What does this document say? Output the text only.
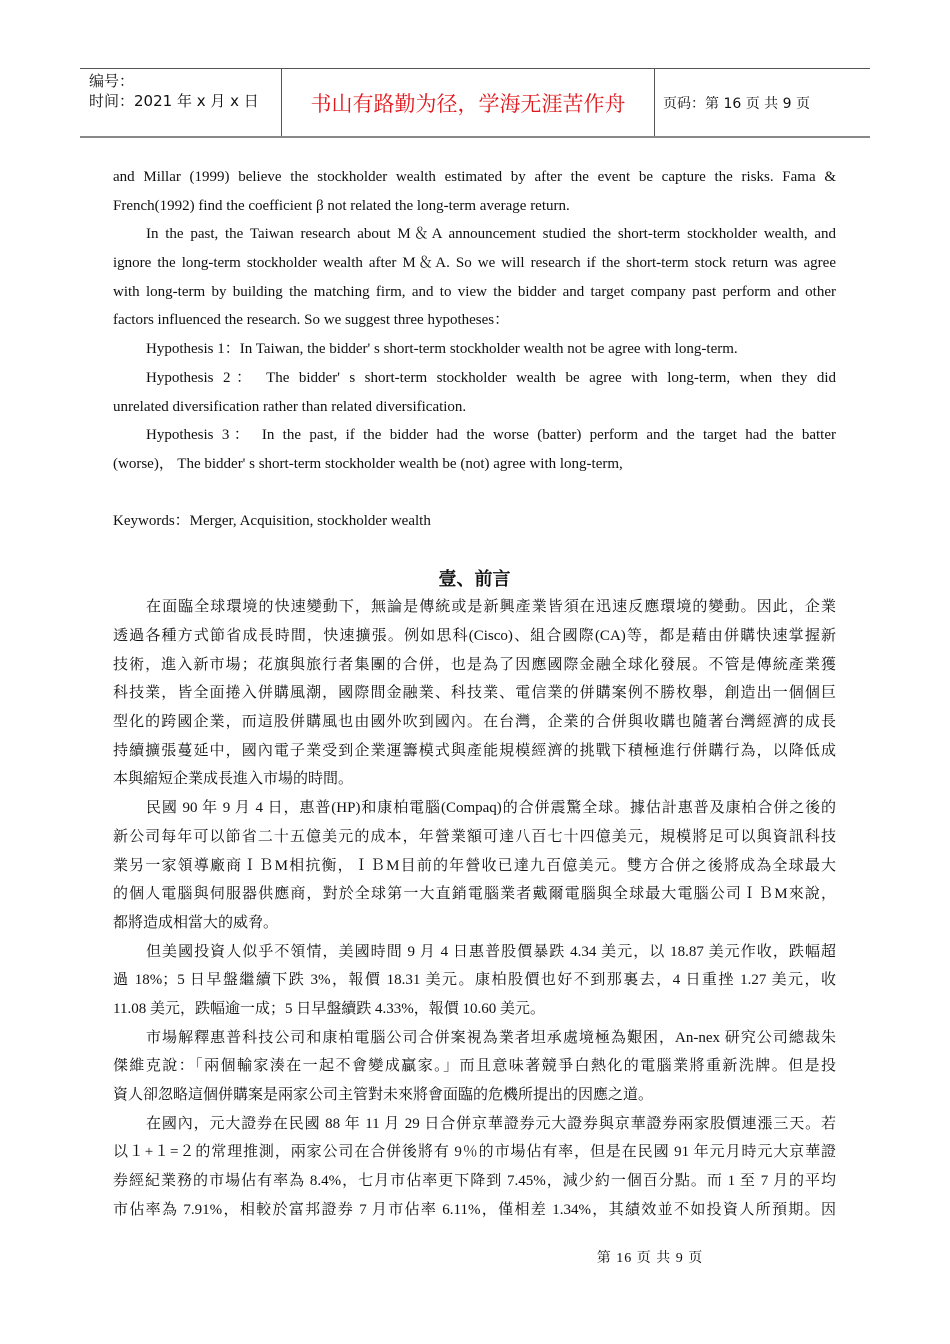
编号：
时间：2021 年 x 月 x 日	书山有路勤为径，学海无涯苦作舟	页码：第 16 页 共 9 页
and Millar (1999) believe the stockholder wealth estimated by after the event be capture the risks. Fama &
French(1992) find the coefficient β not related the long-term average return.
In the past, the Taiwan research about M＆A announcement studied the short-term stockholder wealth, and
ignore the long-term stockholder wealth after M＆A. So we will research if the short-term stock return was agree
with long-term by building the matching firm, and to view the bidder and target company past perform and other
factors influenced the research. So we suggest three hypotheses：
Hypothesis 1：In Taiwan, the bidder' s short-term stockholder wealth not be agree with long-term.
Hypothesis 2： The bidder' s short-term stockholder wealth be agree with long-term, when they did
unrelated diversification rather than related diversification.
Hypothesis 3： In the past, if the bidder had the worse (batter) perform and the target had the batter
(worse)， The bidder' s short-term stockholder wealth be (not) agree with long-term,

Keywords：Merger, Acquisition, stockholder wealth

壹、前言
在面臨全球環境的快速變動下，無論是傳統或是新興產業皆須在迅速反應環境的變動。因此，企業
透過各種方式節省成長時間，快速擴張。例如思科(Cisco)、組合國際(CA)等，都是藉由併購快速掌握新
技術，進入新市場；花旗與旅行者集團的合併，也是為了因應國際金融全球化發展。不管是傳統產業獲
科技業，皆全面捲入併購風潮，國際間金融業、科技業、電信業的併購案例不勝枚舉，創造出一個個巨
型化的跨國企業，而這股併購風也由國外吹到國內。在台灣，企業的合併與收購也隨著台灣經濟的成長
持續擴張蔓延中，國內電子業受到企業運籌模式與產能規模經濟的挑戰下積極進行併購行為，以降低成
本與縮短企業成長進入市場的時間。
民國 90 年 9 月 4 日，惠普(HP)和康柏電腦(Compaq)的合併震驚全球。據估計惠普及康柏合併之後的
新公司每年可以節省二十五億美元的成本，年營業額可達八百七十四億美元，規模將足可以與資訊科技
業另一家領導廠商ＩＢM相抗衡，ＩＢM目前的年營收已達九百億美元。雙方合併之後將成為全球最大
的個人電腦與伺服器供應商，對於全球第一大直銷電腦業者戴爾電腦與全球最大電腦公司ＩＢM來說，
都將造成相當大的威脅。
但美國投資人似乎不領情，美國時間 9 月 4 日惠普股價暴跌 4.34 美元，以 18.87 美元作收，跌幅超
過 18%；5 日早盤繼續下跌 3%，報價 18.31 美元。康柏股價也好不到那裏去，4 日重挫 1.27 美元，收
11.08 美元，跌幅逾一成；5 日早盤續跌 4.33%，報價 10.60 美元。
市場解釋惠普科技公司和康柏電腦公司合併案視為業者坦承處境極為艱困，An-nex 研究公司總裁朱
傑維克說：「兩個輸家湊在一起不會變成贏家。」而且意味著競爭白熱化的電腦業將重新洗牌。但是投
資人卻忽略這個併購案是兩家公司主管對未來將會面臨的危機所提出的因應之道。
在國內，元大證券在民國 88 年 11 月 29 日合併京華證券元大證券與京華證券兩家股價連漲三天。若
以１+１=２的常理推測，兩家公司在合併後將有 9％的市場佔有率，但是在民國 91 年元月時元大京華證
券經紀業務的市場佔有率為 8.4%，七月市佔率更下降到 7.45%，減少約一個百分點。而 1 至 7 月的平均
市佔率為 7.91%，相較於富邦證券 7 月市佔率 6.11%，僅相差 1.34%，其績效並不如投資人所預期。因
第 16 页 共 9 页
